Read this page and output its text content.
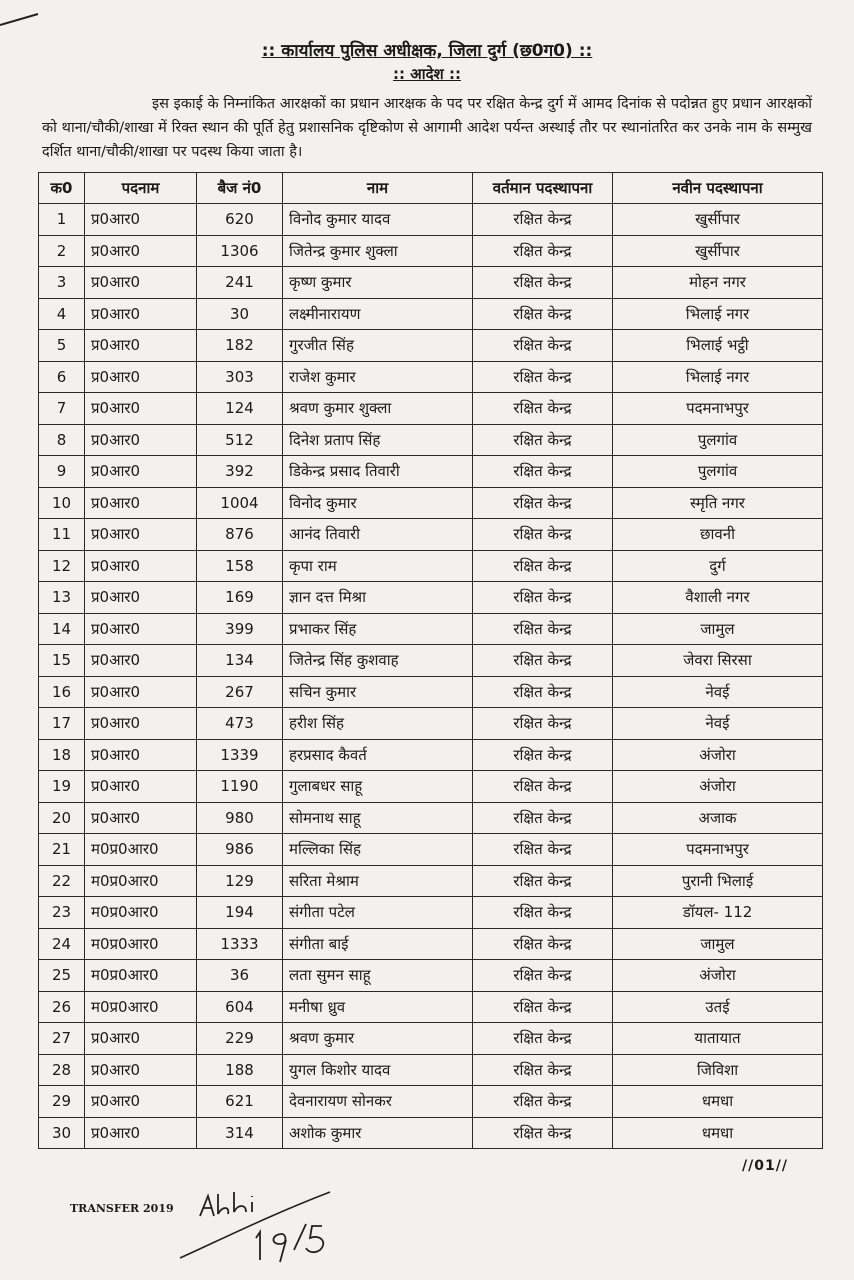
:: कार्यालय पुलिस अधीक्षक, जिला दुर्ग (छ0ग0) ::
:: आदेश ::
इस इकाई के निम्नांकित आरक्षकों का प्रधान आरक्षक के पद पर रक्षित केन्द्र दुर्ग में आमद दिनांक से पदोन्नत हुए प्रधान आरक्षकों को थाना/चौकी/शाखा में रिक्त स्थान की पूर्ति हेतु प्रशासनिक दृष्टिकोण से आगामी आदेश पर्यन्त अस्थाई तौर पर स्थानांतरित कर उनके नाम के सम्मुख दर्शित थाना/चौकी/शाखा पर पदस्थ किया जाता है।
क0	पदनाम	बैज नं0	नाम	वर्तमान पदस्थापना	नवीन पदस्थापना
1	प्र0आर0	620	विनोद कुमार यादव	रक्षित केन्द्र	खुर्सीपार
2	प्र0आर0	1306	जितेन्द्र कुमार शुक्ला	रक्षित केन्द्र	खुर्सीपार
3	प्र0आर0	241	कृष्ण कुमार	रक्षित केन्द्र	मोहन नगर
4	प्र0आर0	30	लक्ष्मीनारायण	रक्षित केन्द्र	भिलाई नगर
5	प्र0आर0	182	गुरजीत सिंह	रक्षित केन्द्र	भिलाई भट्ठी
6	प्र0आर0	303	राजेश कुमार	रक्षित केन्द्र	भिलाई नगर
7	प्र0आर0	124	श्रवण कुमार शुक्ला	रक्षित केन्द्र	पदमनाभपुर
8	प्र0आर0	512	दिनेश प्रताप सिंह	रक्षित केन्द्र	पुलगांव
9	प्र0आर0	392	डिकेन्द्र प्रसाद तिवारी	रक्षित केन्द्र	पुलगांव
10	प्र0आर0	1004	विनोद कुमार	रक्षित केन्द्र	स्मृति नगर
11	प्र0आर0	876	आनंद तिवारी	रक्षित केन्द्र	छावनी
12	प्र0आर0	158	कृपा राम	रक्षित केन्द्र	दुर्ग
13	प्र0आर0	169	ज्ञान दत्त मिश्रा	रक्षित केन्द्र	वैशाली नगर
14	प्र0आर0	399	प्रभाकर सिंह	रक्षित केन्द्र	जामुल
15	प्र0आर0	134	जितेन्द्र सिंह कुशवाह	रक्षित केन्द्र	जेवरा सिरसा
16	प्र0आर0	267	सचिन कुमार	रक्षित केन्द्र	नेवई
17	प्र0आर0	473	हरीश सिंह	रक्षित केन्द्र	नेवई
18	प्र0आर0	1339	हरप्रसाद कैवर्त	रक्षित केन्द्र	अंजोरा
19	प्र0आर0	1190	गुलाबधर साहू	रक्षित केन्द्र	अंजोरा
20	प्र0आर0	980	सोमनाथ साहू	रक्षित केन्द्र	अजाक
21	म0प्र0आर0	986	मल्लिका सिंह	रक्षित केन्द्र	पदमनाभपुर
22	म0प्र0आर0	129	सरिता मेश्राम	रक्षित केन्द्र	पुरानी भिलाई
23	म0प्र0आर0	194	संगीता पटेल	रक्षित केन्द्र	डॉयल- 112
24	म0प्र0आर0	1333	संगीता बाई	रक्षित केन्द्र	जामुल
25	म0प्र0आर0	36	लता सुमन साहू	रक्षित केन्द्र	अंजोरा
26	म0प्र0आर0	604	मनीषा ध्रुव	रक्षित केन्द्र	उतई
27	प्र0आर0	229	श्रवण कुमार	रक्षित केन्द्र	यातायात
28	प्र0आर0	188	युगल किशोर यादव	रक्षित केन्द्र	जिविशा
29	प्र0आर0	621	देवनारायण सोनकर	रक्षित केन्द्र	धमधा
30	प्र0आर0	314	अशोक कुमार	रक्षित केन्द्र	धमधा
//01//
TRANSFER 2019
